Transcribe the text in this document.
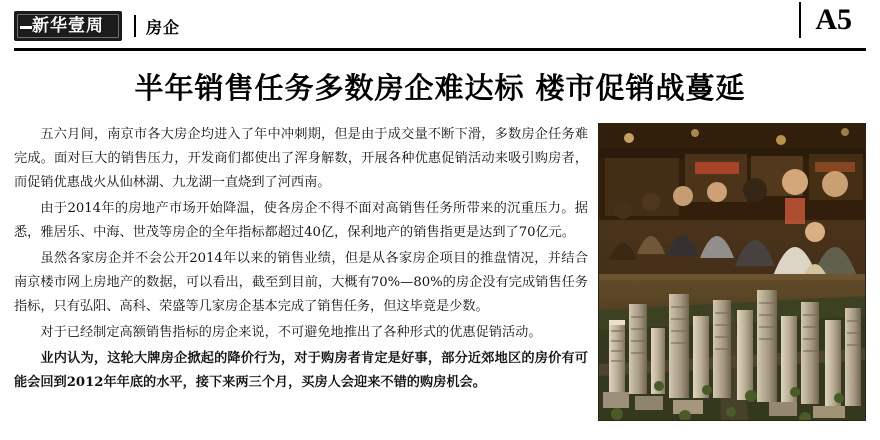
新华壹周	房企	A5
半年销售任务多数房企难达标 楼市促销战蔓延

五六月间，南京市各大房企均进入了年中冲刺期，但是由于成交量不断下滑，多数房企任务难完成。面对巨大的销售压力，开发商们都使出了浑身解数，开展各种优惠促销活动来吸引购房者，而促销优惠战火从仙林湖、九龙湖一直烧到了河西南。

由于2014年的房地产市场开始降温，使各房企不得不面对高销售任务所带来的沉重压力。据悉，雅居乐、中海、世茂等房企的全年指标都超过40亿，保利地产的销售指更是达到了70亿元。

虽然各家房企并不会公开2014年以来的销售业绩，但是从各家房企项目的推盘情况，并结合南京楼市网上房地产的数据，可以看出，截至到目前，大概有70%—80%的房企没有完成销售任务指标，只有弘阳、高科、荣盛等几家房企基本完成了销售任务，但这毕竟是少数。

对于已经制定高额销售指标的房企来说，不可避免地推出了各种形式的优惠促销活动。

业内认为，这轮大牌房企掀起的降价行为，对于购房者肯定是好事，部分近郊地区的房价有可能会回到2012年年底的水平，接下来两三个月，买房人会迎来不错的购房机会。
